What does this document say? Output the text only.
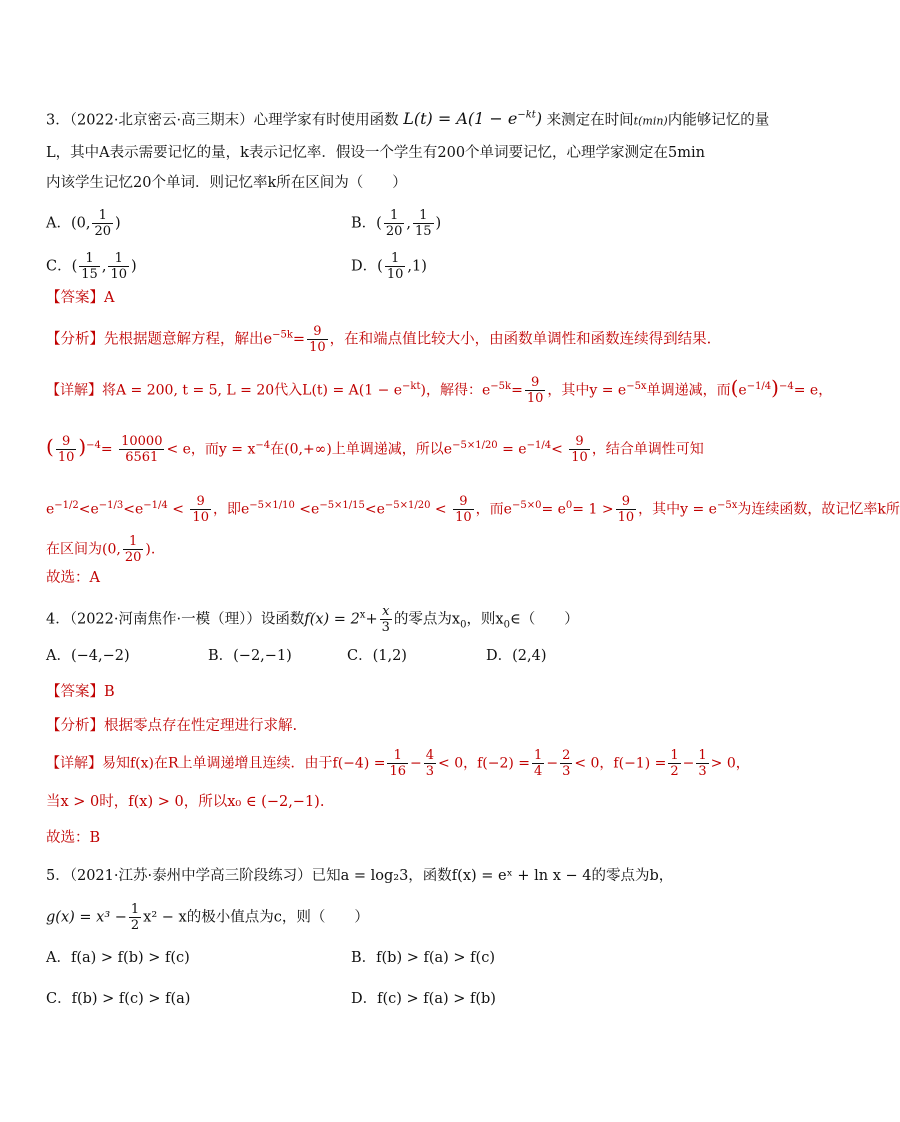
3．（2022·北京密云·高三期末）心理学家有时使用函数 $L(t) = A(1 - e^{-kt})$ 来测定在时间t(min)内能够记忆的量
L，其中A表示需要记忆的量，k表示记忆率．假设一个学生有200个单词要记忆，心理学家测定在5min
内该学生记忆20个单词．则记忆率k所在区间为（　　）
A．(0, $\frac{1}{20}$ )	B．( $\frac{1}{20}$ , $\frac{1}{15}$ )
C．( $\frac{1}{15}$ , $\frac{1}{10}$ )	D．( $\frac{1}{10} ,1$)
【答案】A
【分析】先根据题意解方程，解出$e^{-5k}= \frac{9}{10}$ ，在和端点值比较大小，由函数单调性和函数连续得到结果.
【详解】将A = 200, t = 5, L = 20代入$L(t) = A(1 - e^{-kt})$，解得：$e^{-5k}= \frac{9}{10}$ ，其中$y = e^{-5x}$单调递减，而$(e^{-1/4})^{-4}= e$，
( $\frac{9}{10} )^{-4}= \frac{10000}{6561} < e$，而$y = x^{-4}$在(0,+∞)上单调递减，所以$e^{-5\times 1/20} = e^{-1/4}< \frac{9}{10}$ ，结合单调性可知
$e^{-1/2}<e^{-1/3}<e^{-1/4} < \frac{9}{10}$ ，即$e^{-5\times 1/10} <e^{-5\times 1/15}<e^{-5\times 1/20} < \frac{9}{10}$ ，而$e^{-5\times 0}= e^0= 1 > \frac{9}{10}$ ，其中$y = e^{-5x}$为连续函数，故记忆率k所
在区间为(0, $\frac{1}{20}$ ).
故选：A
4．（2022·河南焦作·一模（理））设函数$f(x) = 2^x+ \frac{x}{3}$ 的零点为$x_0$，则$x_0\in$（　　）
A．(−4,−2)	B．(−2,−1)	C．(1,2)	D．(2,4)
【答案】B
【分析】根据零点存在性定理进行求解.
【详解】易知f(x)在R上单调递增且连续．由于$f(-4) = \frac{1}{16} - \frac{4}{3} < 0$，$f(-2) = \frac{1}{4} - \frac{2}{3} < 0$，$f(-1) = \frac{1}{2} - \frac{1}{3} > 0$，
当x > 0时，f(x) > 0，所以x₀ ∈ (−2,−1).
故选：B
5．（2021·江苏·泰州中学高三阶段练习）已知a = log₂3，函数f(x) = eˣ + ln x − 4的零点为b，
$g(x) = x^3 - \frac{1}{2} x^2 - x$的极小值点为c，则（　　）
A．f(a) > f(b) > f(c)	B．f(b) > f(a) > f(c)
C．f(b) > f(c) > f(a)	D．f(c) > f(a) > f(b)
